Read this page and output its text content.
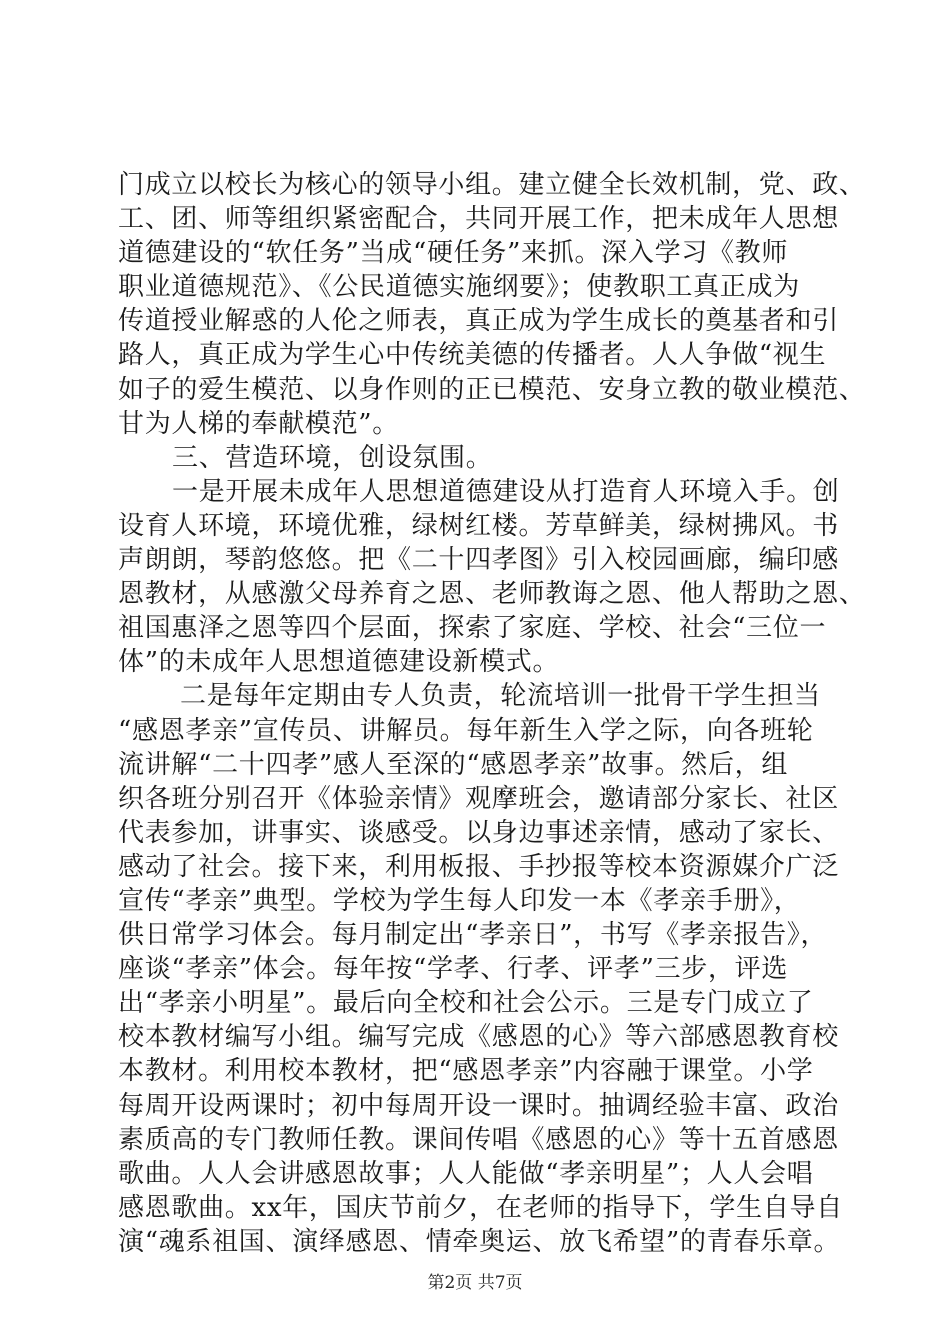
门成立以校长为核心的领导小组。建立健全长效机制，党、政、
工、团、师等组织紧密配合，共同开展工作，把未成年人思想
道德建设的“软任务”当成“硬任务”来抓。深入学习《教师
职业道德规范》、《公民道德实施纲要》；使教职工真正成为
传道授业解惑的人伦之师表，真正成为学生成长的奠基者和引
路人，真正成为学生心中传统美德的传播者。人人争做“视生
如子的爱生模范、以身作则的正已模范、安身立教的敬业模范、
甘为人梯的奉献模范”。
三、营造环境，创设氛围。
一是开展未成年人思想道德建设从打造育人环境入手。创
设育人环境，环境优雅，绿树红楼。芳草鲜美，绿树拂风。书
声朗朗，琴韵悠悠。把《二十四孝图》引入校园画廊，编印感
恩教材，从感激父母养育之恩、老师教诲之恩、他人帮助之恩、
祖国惠泽之恩等四个层面，探索了家庭、学校、社会“三位一
体”的未成年人思想道德建设新模式。
二是每年定期由专人负责，轮流培训一批骨干学生担当
“感恩孝亲”宣传员、讲解员。每年新生入学之际，向各班轮
流讲解“二十四孝”感人至深的“感恩孝亲”故事。然后，组
织各班分别召开《体验亲情》观摩班会，邀请部分家长、社区
代表参加，讲事实、谈感受。以身边事述亲情，感动了家长、
感动了社会。接下来，利用板报、手抄报等校本资源媒介广泛
宣传“孝亲”典型。学校为学生每人印发一本《孝亲手册》，
供日常学习体会。每月制定出“孝亲日”，书写《孝亲报告》，
座谈“孝亲”体会。每年按“学孝、行孝、评孝”三步，评选
出“孝亲小明星”。最后向全校和社会公示。三是专门成立了
校本教材编写小组。编写完成《感恩的心》等六部感恩教育校
本教材。利用校本教材，把“感恩孝亲”内容融于课堂。小学
每周开设两课时；初中每周开设一课时。抽调经验丰富、政治
素质高的专门教师任教。课间传唱《感恩的心》等十五首感恩
歌曲。人人会讲感恩故事；人人能做“孝亲明星”；人人会唱
感恩歌曲。xx年，国庆节前夕，在老师的指导下，学生自导自
演“魂系祖国、演绎感恩、情牵奥运、放飞希望”的青春乐章。
第2页 共7页
